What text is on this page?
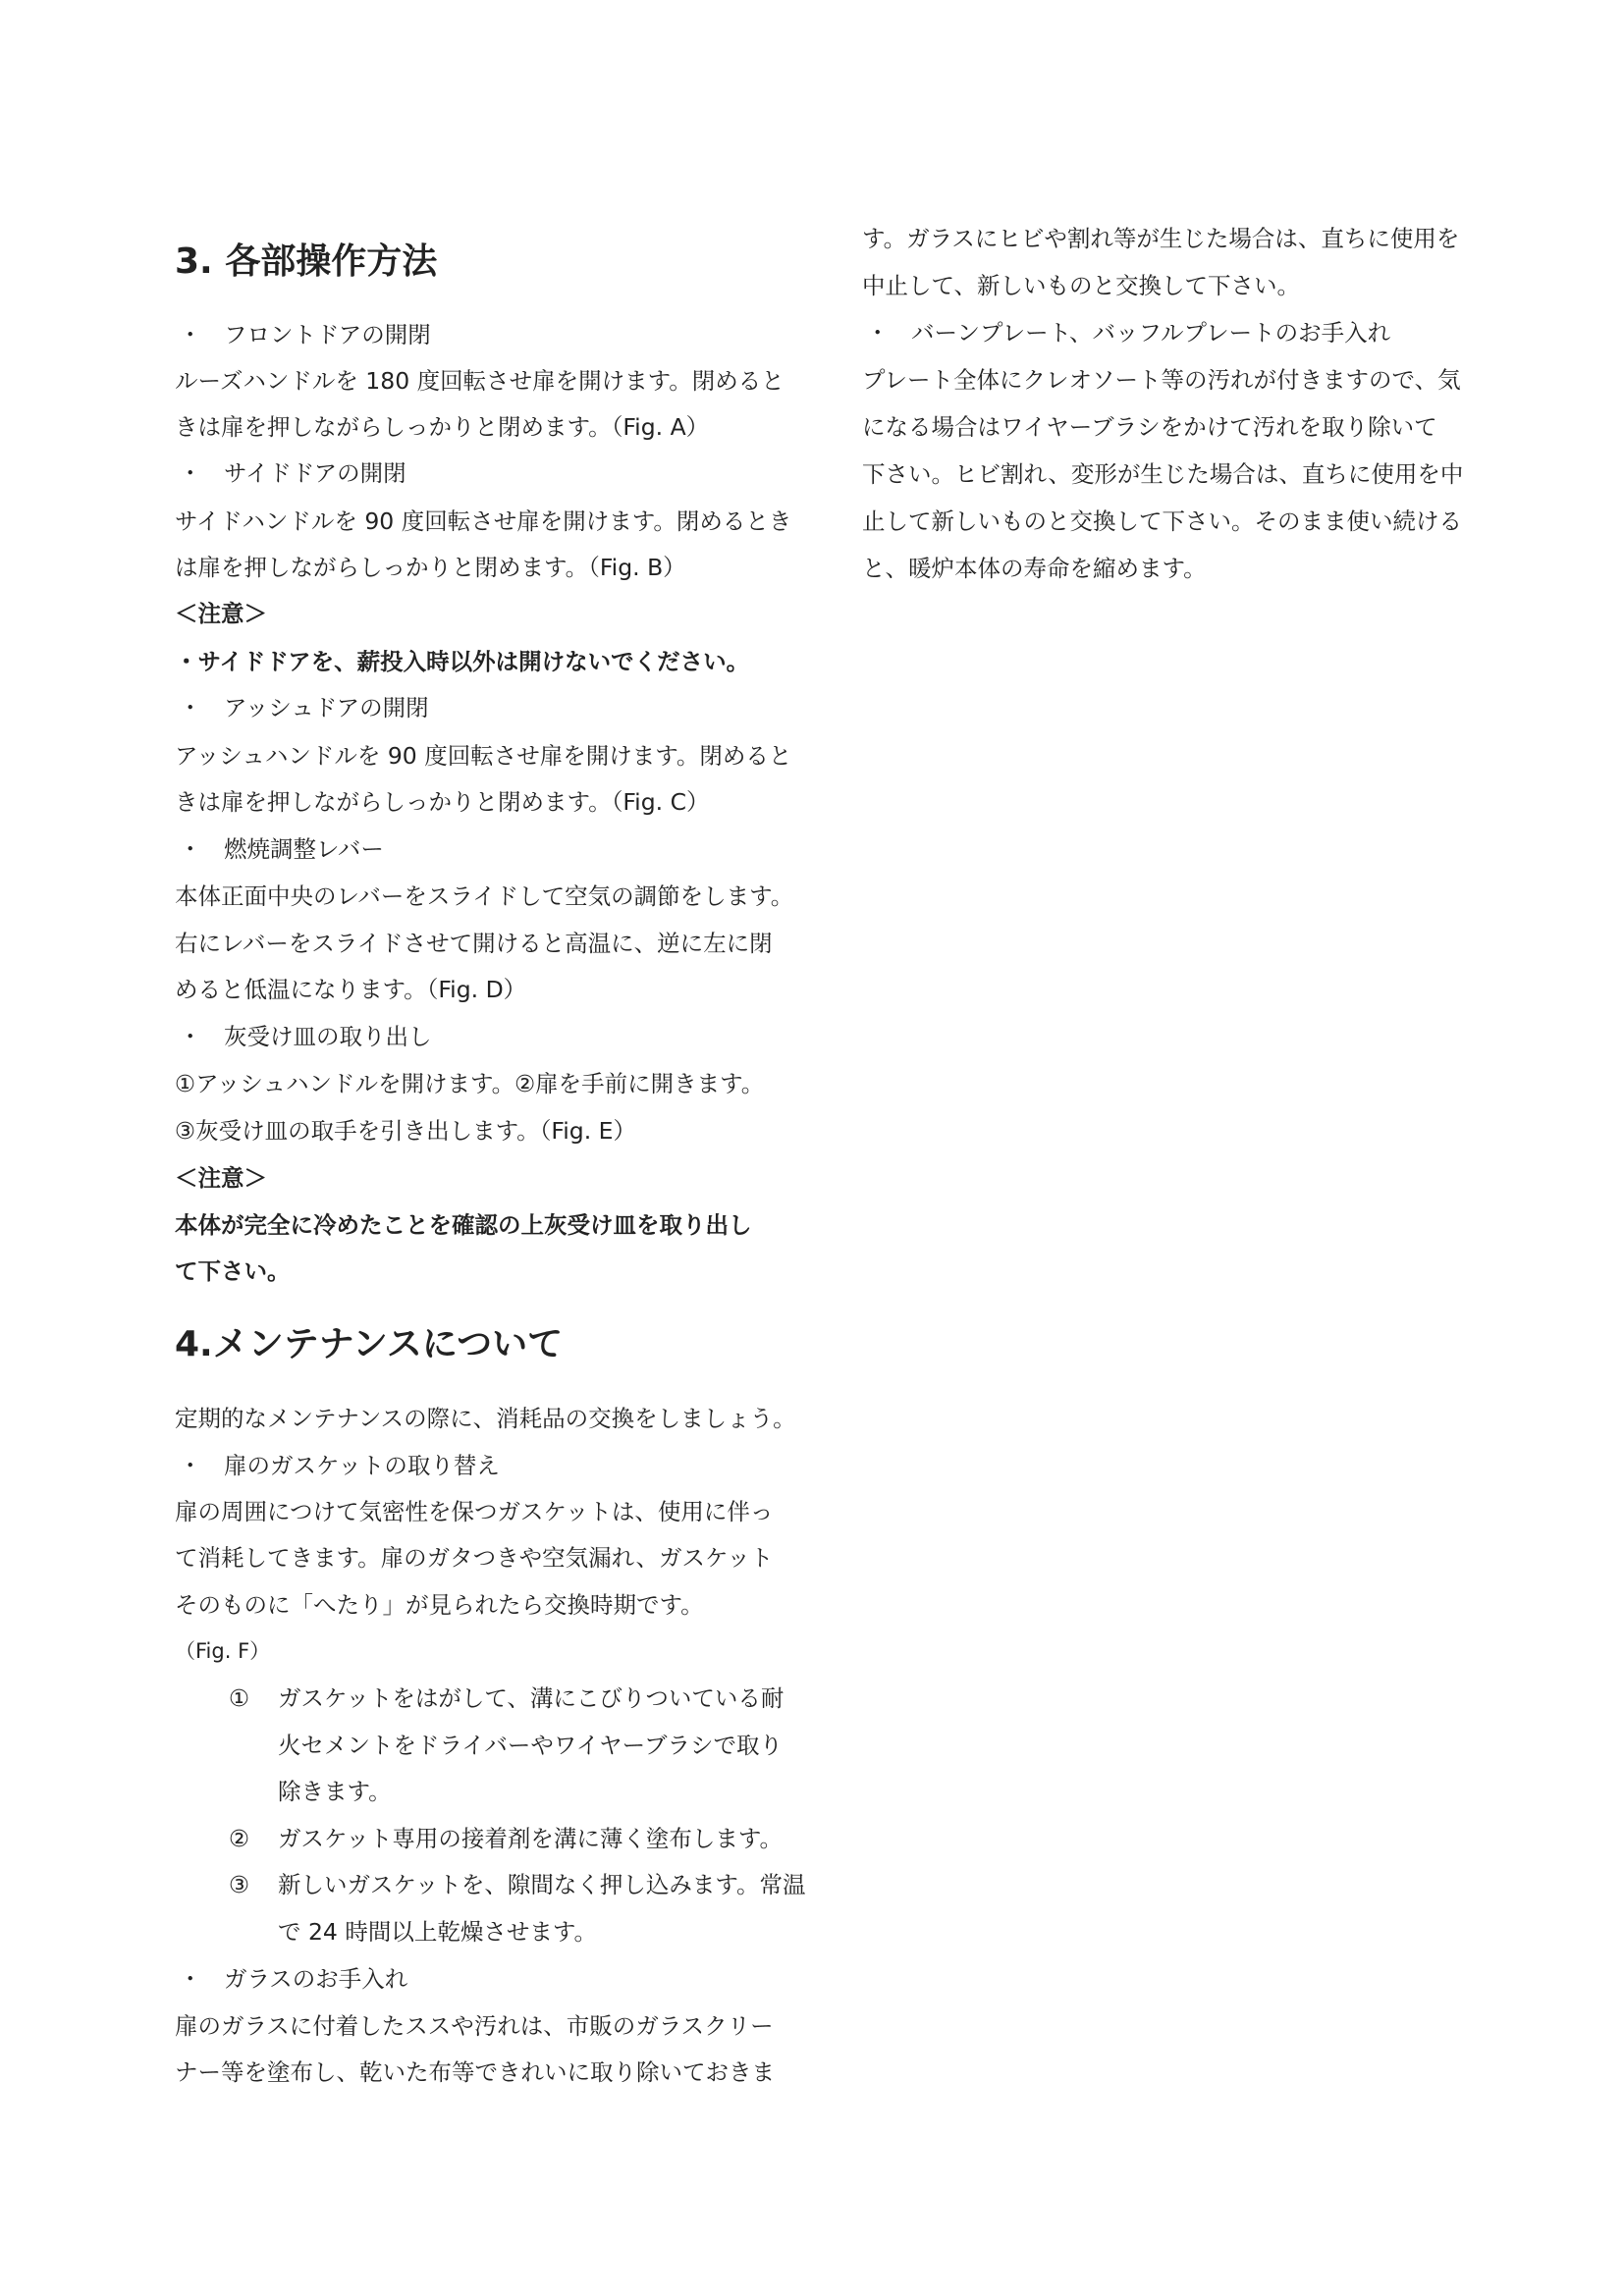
3. 各部操作方法
・ フロントドアの開閉
ルーズハンドルを 180 度回転させ扉を開けます。閉めると
きは扉を押しながらしっかりと閉めます。（Fig. A）
・ サイドドアの開閉
サイドハンドルを 90 度回転させ扉を開けます。閉めるとき
は扉を押しながらしっかりと閉めます。（Fig. B）
＜注意＞
・サイドドアを、薪投入時以外は開けないでください。
・ アッシュドアの開閉
アッシュハンドルを 90 度回転させ扉を開けます。閉めると
きは扉を押しながらしっかりと閉めます。（Fig. C）
・ 燃焼調整レバー
本体正面中央のレバーをスライドして空気の調節をします。
右にレバーをスライドさせて開けると高温に、逆に左に閉
めると低温になります。（Fig. D）
・ 灰受け皿の取り出し
①アッシュハンドルを開けます。②扉を手前に開きます。
③灰受け皿の取手を引き出します。（Fig. E）
＜注意＞
本体が完全に冷めたことを確認の上灰受け皿を取り出し
て下さい。
4.メンテナンスについて
定期的なメンテナンスの際に、消耗品の交換をしましょう。
・ 扉のガスケットの取り替え
扉の周囲につけて気密性を保つガスケットは、使用に伴っ
て消耗してきます。扉のガタつきや空気漏れ、ガスケット
そのものに「へたり」が見られたら交換時期です。
（Fig. F）
① ガスケットをはがして、溝にこびりついている耐
火セメントをドライバーやワイヤーブラシで取り
除きます。
② ガスケット専用の接着剤を溝に薄く塗布します。
③ 新しいガスケットを、隙間なく押し込みます。常温
で 24 時間以上乾燥させます。
・ ガラスのお手入れ
扉のガラスに付着したススや汚れは、市販のガラスクリー
ナー等を塗布し、乾いた布等できれいに取り除いておきま
す。ガラスにヒビや割れ等が生じた場合は、直ちに使用を
中止して、新しいものと交換して下さい。
・ バーンプレート、バッフルプレートのお手入れ
プレート全体にクレオソート等の汚れが付きますので、気
になる場合はワイヤーブラシをかけて汚れを取り除いて
下さい。ヒビ割れ、変形が生じた場合は、直ちに使用を中
止して新しいものと交換して下さい。そのまま使い続ける
と、暖炉本体の寿命を縮めます。
